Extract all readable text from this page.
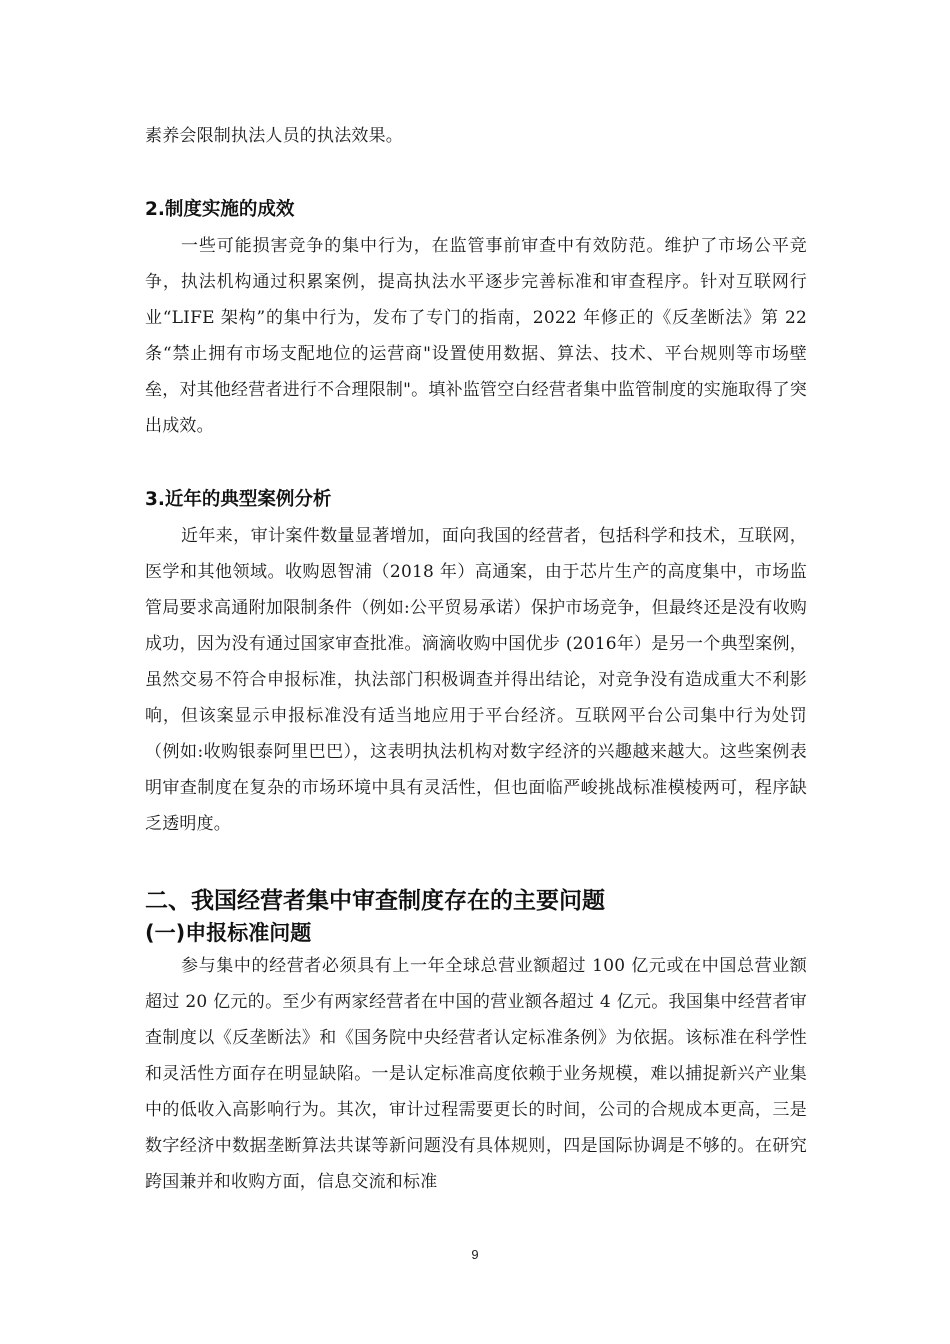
素养会限制执法人员的执法效果。

2.制度实施的成效

一些可能损害竞争的集中行为，在监管事前审查中有效防范。维护了市场公平竞争，执法机构通过积累案例，提高执法水平逐步完善标准和审查程序。针对互联网行业“LIFE 架构”的集中行为，发布了专门的指南，2022 年修正的《反垄断法》第 22 条“禁止拥有市场支配地位的运营商"设置使用数据、算法、技术、平台规则等市场壁垒，对其他经营者进行不合理限制"。填补监管空白经营者集中监管制度的实施取得了突出成效。

3.近年的典型案例分析

近年来，审计案件数量显著增加，面向我国的经营者，包括科学和技术，互联网，医学和其他领域。收购恩智浦（2018 年）高通案，由于芯片生产的高度集中，市场监管局要求高通附加限制条件（例如:公平贸易承诺）保护市场竞争，但最终还是没有收购成功，因为没有通过国家审查批准。滴滴收购中国优步 (2016年）是另一个典型案例，虽然交易不符合申报标准，执法部门积极调查并得出结论，对竞争没有造成重大不利影响，但该案显示申报标准没有适当地应用于平台经济。互联网平台公司集中行为处罚（例如:收购银泰阿里巴巴），这表明执法机构对数字经济的兴趣越来越大。这些案例表明审查制度在复杂的市场环境中具有灵活性，但也面临严峻挑战标准模棱两可，程序缺乏透明度。

二、我国经营者集中审查制度存在的主要问题
(一)申报标准问题

参与集中的经营者必须具有上一年全球总营业额超过 100 亿元或在中国总营业额超过 20 亿元的。至少有两家经营者在中国的营业额各超过 4 亿元。我国集中经营者审查制度以《反垄断法》和《国务院中央经营者认定标准条例》为依据。该标准在科学性和灵活性方面存在明显缺陷。一是认定标准高度依赖于业务规模，难以捕捉新兴产业集中的低收入高影响行为。其次，审计过程需要更长的时间，公司的合规成本更高，三是数字经济中数据垄断算法共谋等新问题没有具体规则，四是国际协调是不够的。在研究跨国兼并和收购方面，信息交流和标准

9
